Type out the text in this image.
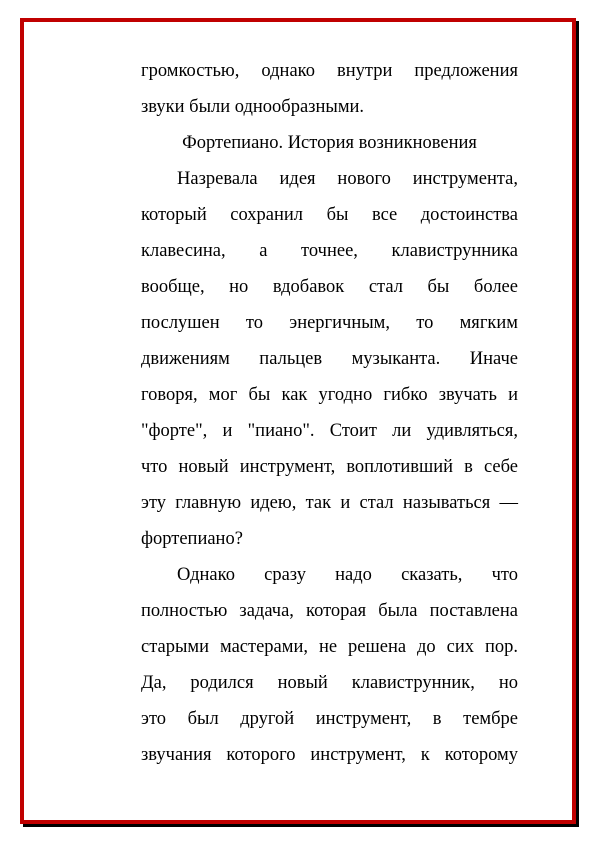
громкостью, однако внутри предложения
звуки были однообразными.
Фортепиано. История возникновения
Назревала идея нового инструмента,
который сохранил бы все достоинства
клавесина, а точнее, клавиструнника
вообще, но вдобавок стал бы более
послушен то энергичным, то мягким
движениям пальцев музыканта. Иначе
говоря, мог бы как угодно гибко звучать и
"форте", и "пиано". Стоит ли удивляться,
что новый инструмент, воплотивший в себе
эту главную идею, так и стал называться —
фортепиано?
Однако сразу надо сказать, что
полностью задача, которая была поставлена
старыми мастерами, не решена до сих пор.
Да, родился новый клавиструнник, но
это был другой инструмент, в тембре
звучания которого инструмент, к которому
